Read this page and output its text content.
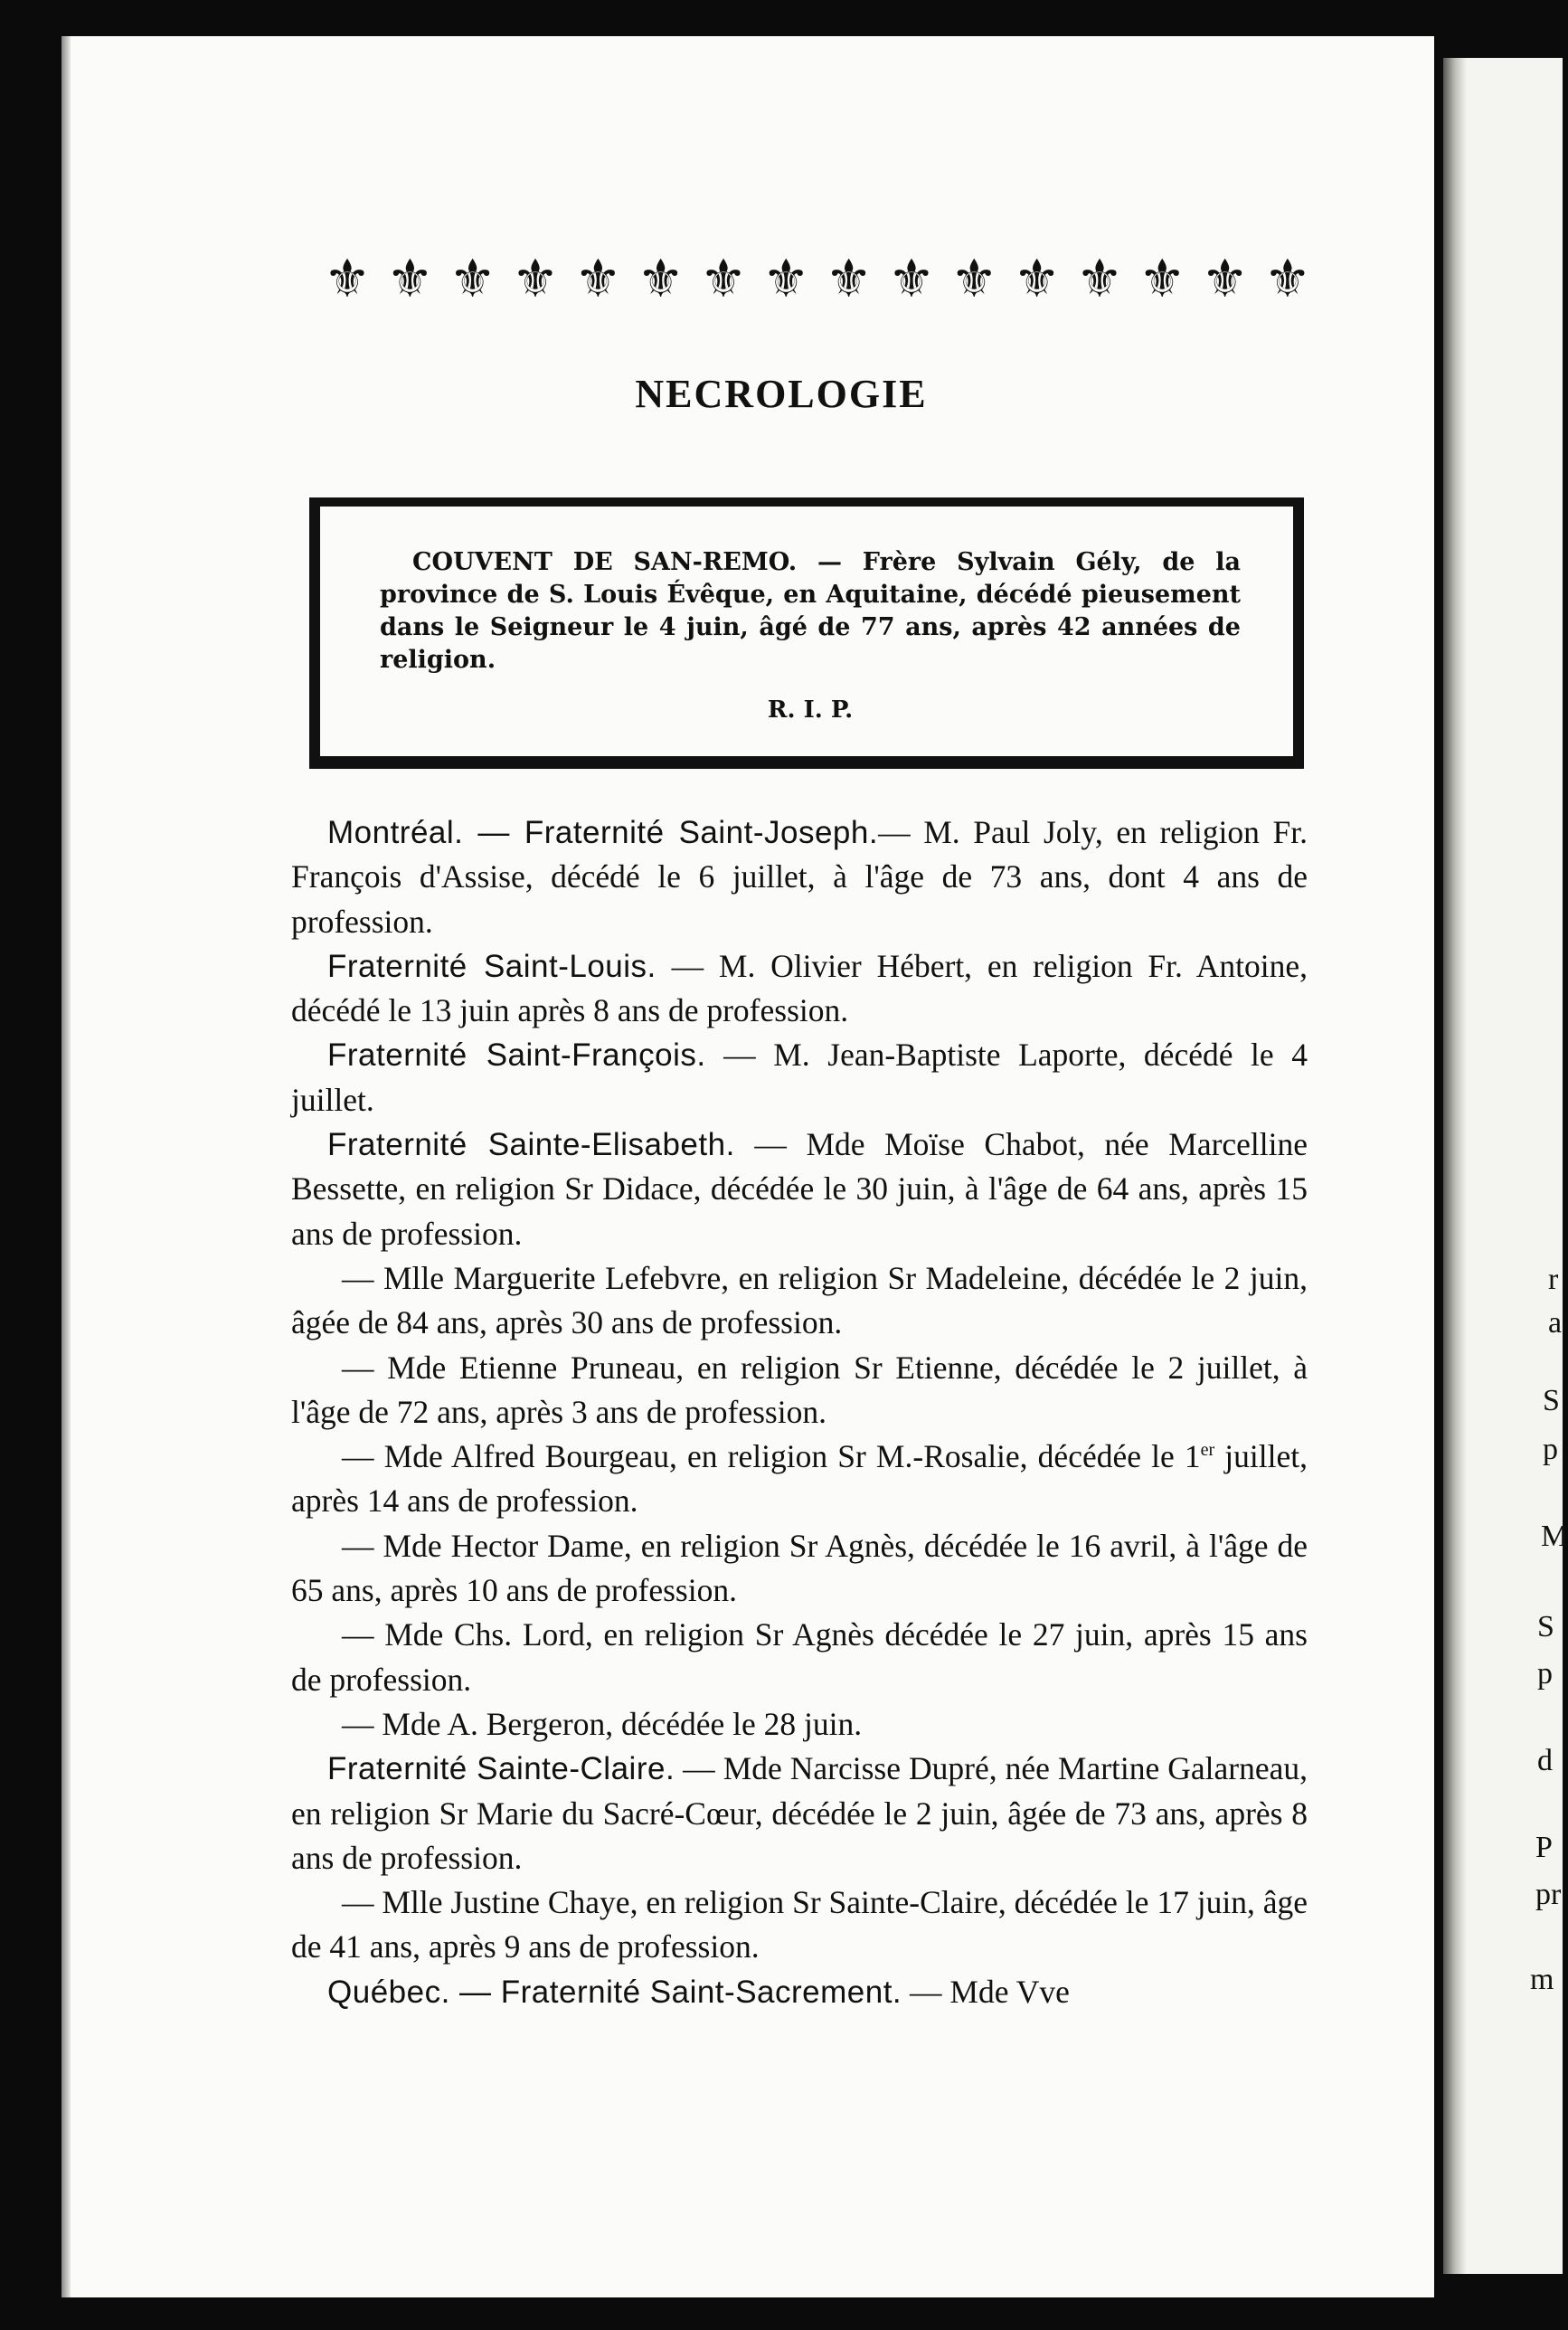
r
a
S
p
M
S
p
d
P
pr
m
⚜ ⚜ ⚜ ⚜ ⚜ ⚜ ⚜ ⚜ ⚜ ⚜ ⚜ ⚜ ⚜ ⚜ ⚜ ⚜
NECROLOGIE
COUVENT DE SAN-REMO. — Frère Sylvain Gély, de la province de S. Louis Évêque, en Aquitaine, décédé pieusement dans le Seigneur le 4 juin, âgé de 77 ans, après 42 années de religion.
R. I. P.

Montréal. — Fraternité Saint-Joseph.— M. Paul Joly, en religion Fr. François d'Assise, décédé le 6 juillet, à l'âge de 73 ans, dont 4 ans de profession.

Fraternité Saint-Louis. — M. Olivier Hébert, en religion Fr. Antoine, décédé le 13 juin après 8 ans de profession.

Fraternité Saint-François. — M. Jean-Baptiste Laporte, décédé le 4 juillet.

Fraternité Sainte-Elisabeth. — Mde Moïse Chabot, née Marcelline Bessette, en religion Sr Didace, décédée le 30 juin, à l'âge de 64 ans, après 15 ans de profession.

— Mlle Marguerite Lefebvre, en religion Sr Madeleine, décédée le 2 juin, âgée de 84 ans, après 30 ans de profession.

— Mde Etienne Pruneau, en religion Sr Etienne, décédée le 2 juillet, à l'âge de 72 ans, après 3 ans de profession.

— Mde Alfred Bourgeau, en religion Sr M.-Rosalie, décédée le 1er juillet, après 14 ans de profession.

— Mde Hector Dame, en religion Sr Agnès, décédée le 16 avril, à l'âge de 65 ans, après 10 ans de profession.

— Mde Chs. Lord, en religion Sr Agnès décédée le 27 juin, après 15 ans de profession.

— Mde A. Bergeron, décédée le 28 juin.

Fraternité Sainte-Claire. — Mde Narcisse Dupré, née Martine Galarneau, en religion Sr Marie du Sacré-Cœur, décédée le 2 juin, âgée de 73 ans, après 8 ans de profession.

— Mlle Justine Chaye, en religion Sr Sainte-Claire, décédée le 17 juin, âge de 41 ans, après 9 ans de profession.

Québec. — Fraternité Saint-Sacrement. — Mde Vve
